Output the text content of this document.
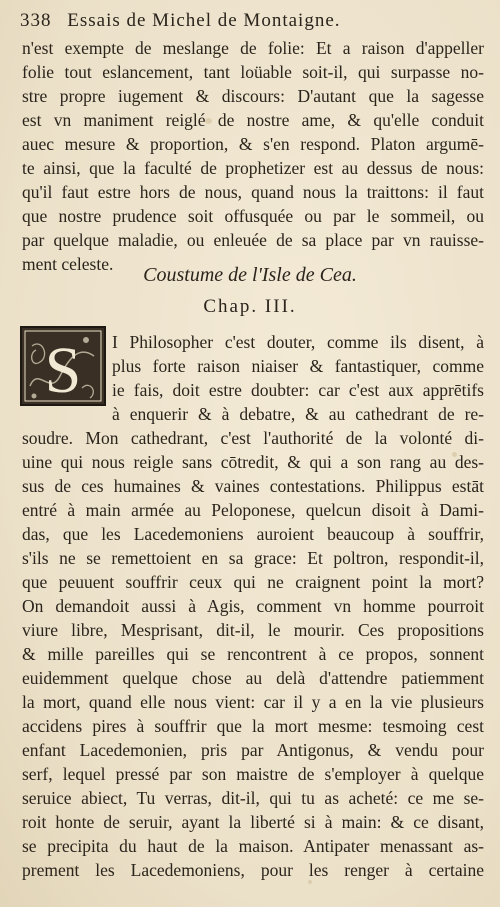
338 Essais de Michel de Montaigne.
n'est exempte de meslange de folie: Et a raison d'appeller
folie tout eslancement, tant loüable soit-il, qui surpasse no-
stre propre iugement & discours: D'autant que la sagesse
est vn maniment reiglé de nostre ame, & qu'elle conduit
auec mesure & proportion, & s'en respond. Platon argumē-
te ainsi, que la faculté de prophetizer est au dessus de nous:
qu'il faut estre hors de nous, quand nous la traittons: il faut
que nostre prudence soit offusquée ou par le sommeil, ou
par quelque maladie, ou enleuée de sa place par vn rauisse-
ment celeste.	Coustume de l'Isle de Cea.
Chap. III.
S I Philosopher c'est douter, comme ils disent, à
plus forte raison niaiser & fantastiquer, comme
ie fais, doit estre doubter: car c'est aux apprētifs
à enquerir & à debatre, & au cathedrant de re-
soudre. Mon cathedrant, c'est l'authorité de la volonté di-
uine qui nous reigle sans cōtredit, & qui a son rang au des-
sus de ces humaines & vaines contestations. Philippus estāt
entré à main armée au Peloponese, quelcun disoit à Dami-
das, que les Lacedemoniens auroient beaucoup à souffrir,
s'ils ne se remettoient en sa grace: Et poltron, respondit-il,
que peuuent souffrir ceux qui ne craignent point la mort?
On demandoit aussi à Agis, comment vn homme pourroit
viure libre, Mesprisant, dit-il, le mourir. Ces propositions
& mille pareilles qui se rencontrent à ce propos, sonnent
euidemment quelque chose au delà d'attendre patiemment
la mort, quand elle nous vient: car il y a en la vie plusieurs
accidens pires à souffrir que la mort mesme: tesmoing cest
enfant Lacedemonien, pris par Antigonus, & vendu pour
serf, lequel pressé par son maistre de s'employer à quelque
seruice abiect, Tu verras, dit-il, qui tu as acheté: ce me se-
roit honte de seruir, ayant la liberté si à main: & ce disant,
se precipita du haut de la maison. Antipater menassant as-
prement les Lacedemoniens, pour les renger à certaine
